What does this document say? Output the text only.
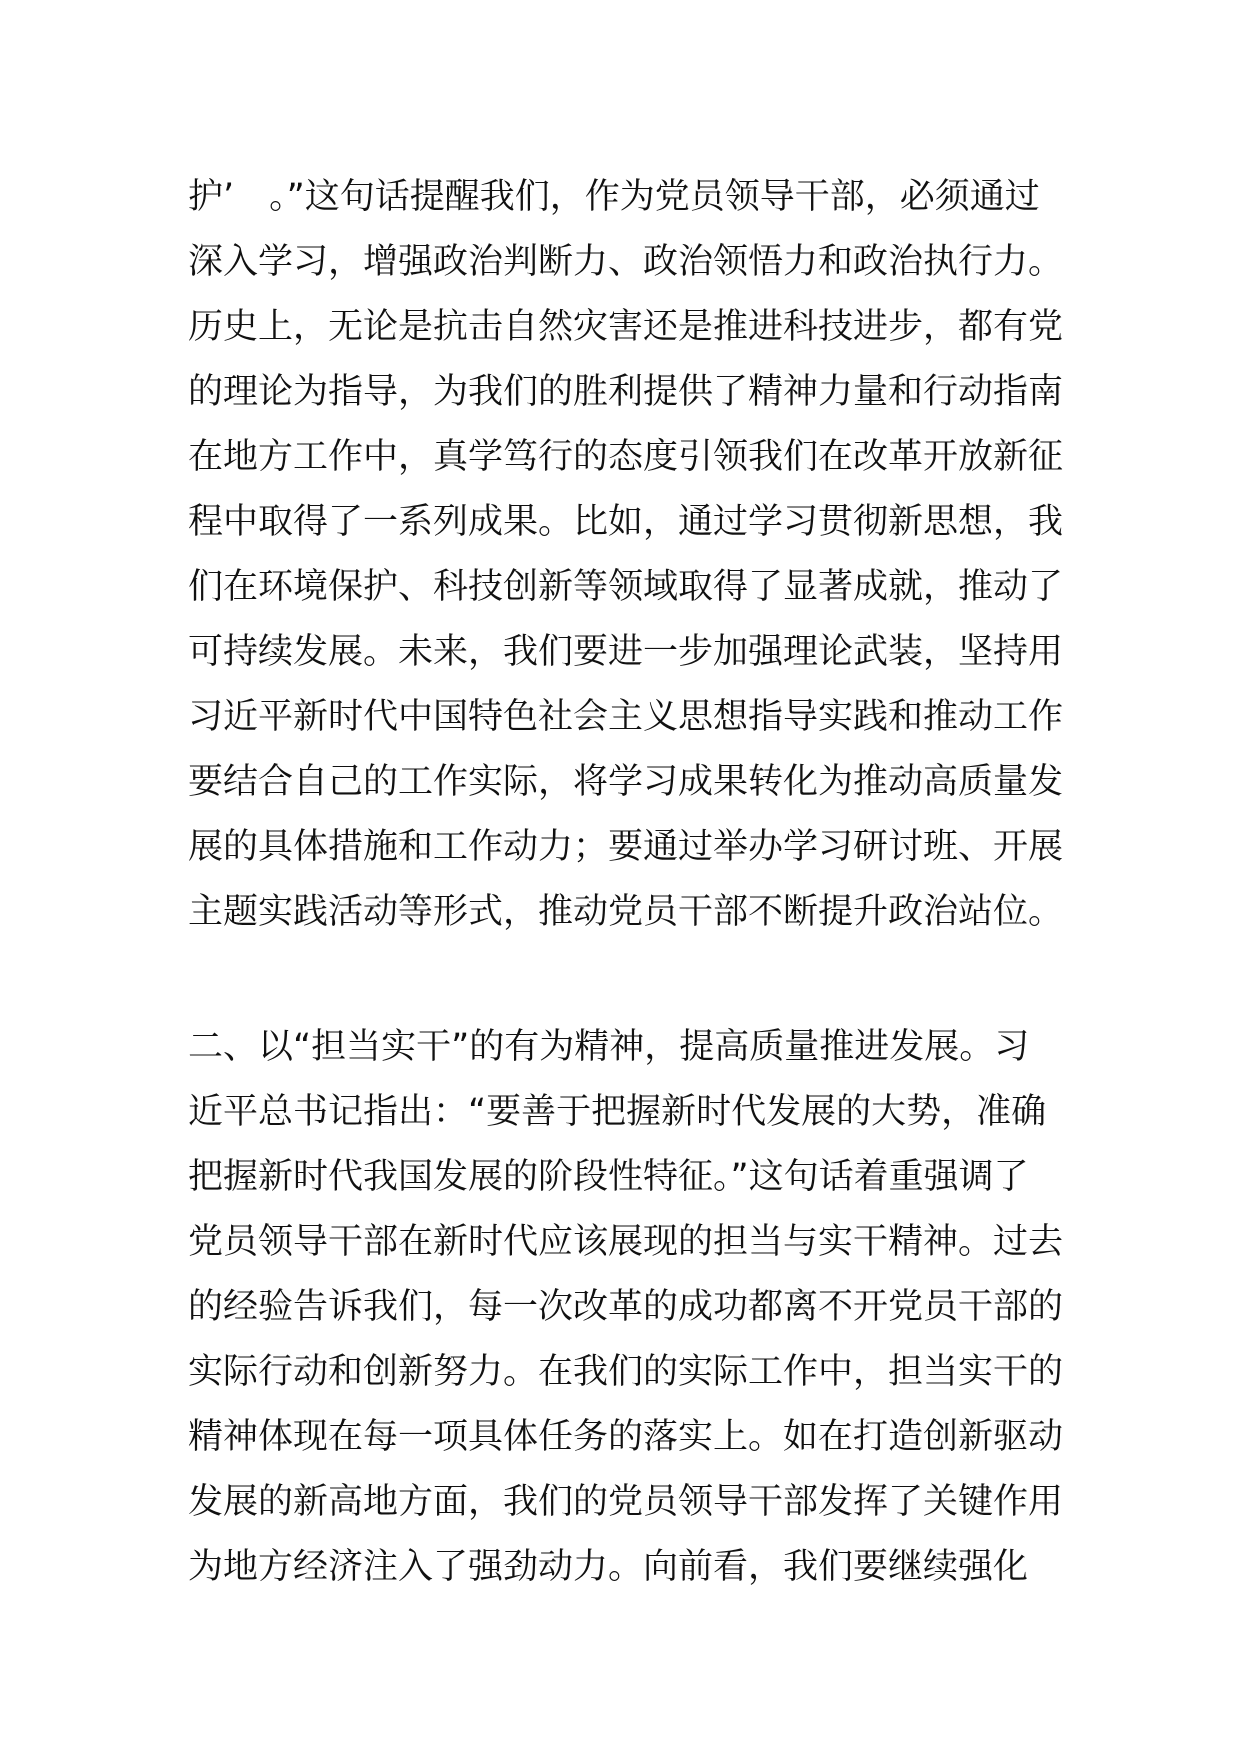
护’　。”这句话提醒我们，作为党员领导干部，必须通过
深入学习，增强政治判断力、政治领悟力和政治执行力。
历史上，无论是抗击自然灾害还是推进科技进步，都有党
的理论为指导，为我们的胜利提供了精神力量和行动指南
在地方工作中，真学笃行的态度引领我们在改革开放新征
程中取得了一系列成果。比如，通过学习贯彻新思想，我
们在环境保护、科技创新等领域取得了显著成就，推动了
可持续发展。未来，我们要进一步加强理论武装，坚持用
习近平新时代中国特色社会主义思想指导实践和推动工作
要结合自己的工作实际，将学习成果转化为推动高质量发
展的具体措施和工作动力；要通过举办学习研讨班、开展
主题实践活动等形式，推动党员干部不断提升政治站位。
二、以“担当实干”的有为精神，提高质量推进发展。习
近平总书记指出：“要善于把握新时代发展的大势，准确
把握新时代我国发展的阶段性特征。”这句话着重强调了
党员领导干部在新时代应该展现的担当与实干精神。过去
的经验告诉我们，每一次改革的成功都离不开党员干部的
实际行动和创新努力。在我们的实际工作中，担当实干的
精神体现在每一项具体任务的落实上。如在打造创新驱动
发展的新高地方面，我们的党员领导干部发挥了关键作用
为地方经济注入了强劲动力。向前看，我们要继续强化
